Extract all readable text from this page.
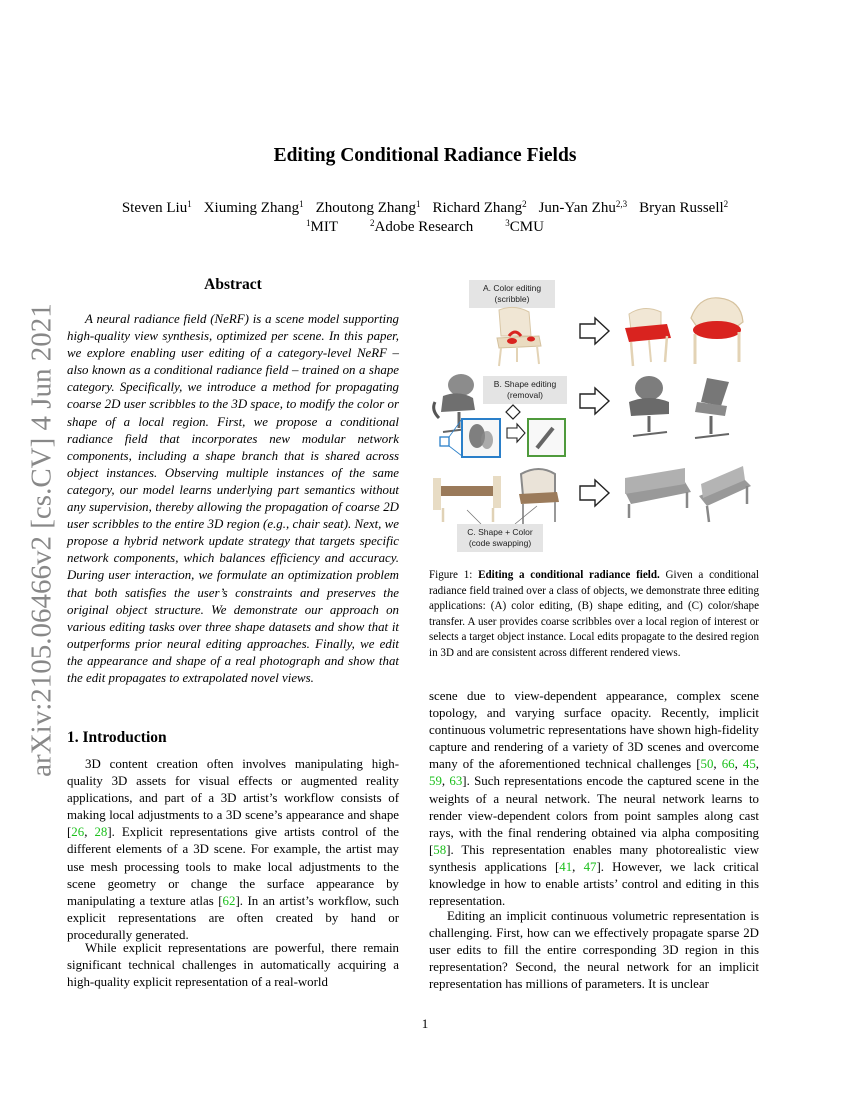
Editing Conditional Radiance Fields
Steven Liu$^1$ Xiuming Zhang$^1$ Zhoutong Zhang$^1$ Richard Zhang$^2$ Jun-Yan Zhu$^{2,3}$ Bryan Russell$^2$
$^1$MIT	$^2$Adobe Research	$^3$CMU
arXiv:2105.06466v2 [cs.CV] 4 Jun 2021
Abstract
A neural radiance field (NeRF) is a scene model supporting high-quality view synthesis, optimized per scene. In this paper, we explore enabling user editing of a category-level NeRF – also known as a conditional radiance field – trained on a shape category. Specifically, we introduce a method for propagating coarse 2D user scribbles to the 3D space, to modify the color or shape of a local region. First, we propose a conditional radiance field that incorporates new modular network components, including a shape branch that is shared across object instances. Observing multiple instances of the same category, our model learns underlying part semantics without any supervision, thereby allowing the propagation of coarse 2D user scribbles to the entire 3D region (e.g., chair seat). Next, we propose a hybrid network update strategy that targets specific network components, which balances efficiency and accuracy. During user interaction, we formulate an optimization problem that both satisfies the user’s constraints and preserves the original object structure. We demonstrate our approach on various editing tasks over three shape datasets and show that it outperforms prior neural editing approaches. Finally, we edit the appearance and shape of a real photograph and show that the edit propagates to extrapolated novel views.
1. Introduction
3D content creation often involves manipulating high-quality 3D assets for visual effects or augmented reality applications, and part of a 3D artist’s workflow consists of making local adjustments to a 3D scene’s appearance and shape [26, 28]. Explicit representations give artists control of the different elements of a 3D scene. For example, the artist may use mesh processing tools to make local adjustments to the scene geometry or change the surface appearance by manipulating a texture atlas [62]. In an artist’s workflow, such explicit representations are often created by hand or procedurally generated.
While explicit representations are powerful, there remain significant technical challenges in automatically acquiring a high-quality explicit representation of a real-world
A. Color editing
(scribble)
B. Shape editing
(removal)
C. Shape + Color
(code swapping)
Figure 1: Editing a conditional radiance field. Given a conditional radiance field trained over a class of objects, we demonstrate three editing applications: (A) color editing, (B) shape editing, and (C) color/shape transfer. A user provides coarse scribbles over a local region of interest or selects a target object instance. Local edits propagate to the desired region in 3D and are consistent across different rendered views.
scene due to view-dependent appearance, complex scene topology, and varying surface opacity. Recently, implicit continuous volumetric representations have shown high-fidelity capture and rendering of a variety of 3D scenes and overcome many of the aforementioned technical challenges [50, 66, 45, 59, 63]. Such representations encode the captured scene in the weights of a neural network. The neural network learns to render view-dependent colors from point samples along cast rays, with the final rendering obtained via alpha compositing [58]. This representation enables many photorealistic view synthesis applications [41, 47]. However, we lack critical knowledge in how to enable artists’ control and editing in this representation.
Editing an implicit continuous volumetric representation is challenging. First, how can we effectively propagate sparse 2D user edits to fill the entire corresponding 3D region in this representation? Second, the neural network for an implicit representation has millions of parameters. It is unclear
1
